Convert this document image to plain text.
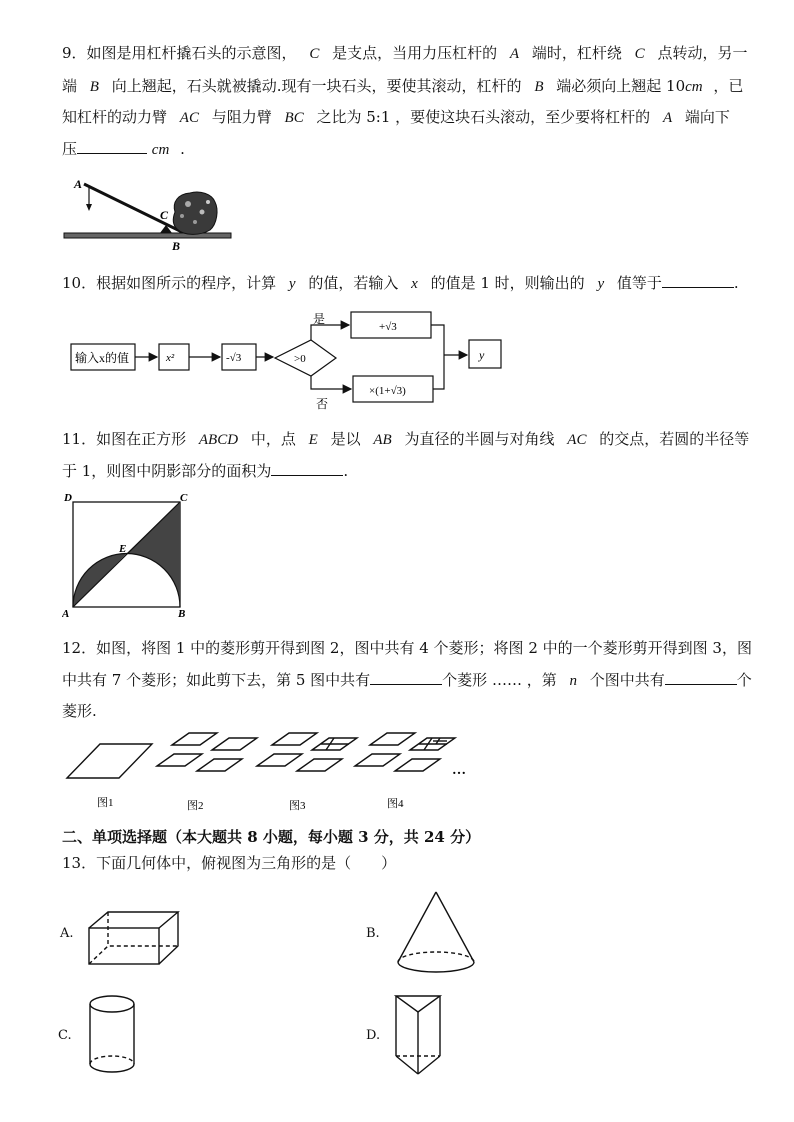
9．如图是用杠杆撬石头的示意图， C 是支点，当用力压杠杆的 A 端时，杠杆绕 C 点转动，另一
端 B 向上翘起，石头就被撬动.现有一块石头，要使其滚动，杠杆的 B 端必须向上翘起 10cm ，已
知杠杆的动力臂 AC 与阻力臂 BC 之比为 5:1 ，要使这块石头滚动，至少要将杠杆的 A 端向下
压	cm .
A
C
B
10．根据如图所示的程序，计算 y 的值，若输入 x 的值是 1 时，则输出的 y 值等于	.
输入x的值	x²	-√3	>0
+√3
×(1+√3)
y
是
否
11．如图在正方形 ABCD 中，点 E 是以 AB 为直径的半圆与对角线 AC 的交点，若圆的半径等
于 1，则图中阴影部分的面积为	.
D	C
A	B
E
12．如图，将图 1 中的菱形剪开得到图 2，图中共有 4 个菱形；将图 2 中的一个菱形剪开得到图 3，图
中共有 7 个菱形；如此剪下去，第 5 图中共有	个菱形 …… ，第 n 个图中共有	个
菱形.
图1	图2	图3	图4
…
二、单项选择题（本大题共 8 小题，每小题 3 分，共 24 分）
13．下面几何体中，俯视图为三角形的是（　　）
A.	B.
C.	D.
